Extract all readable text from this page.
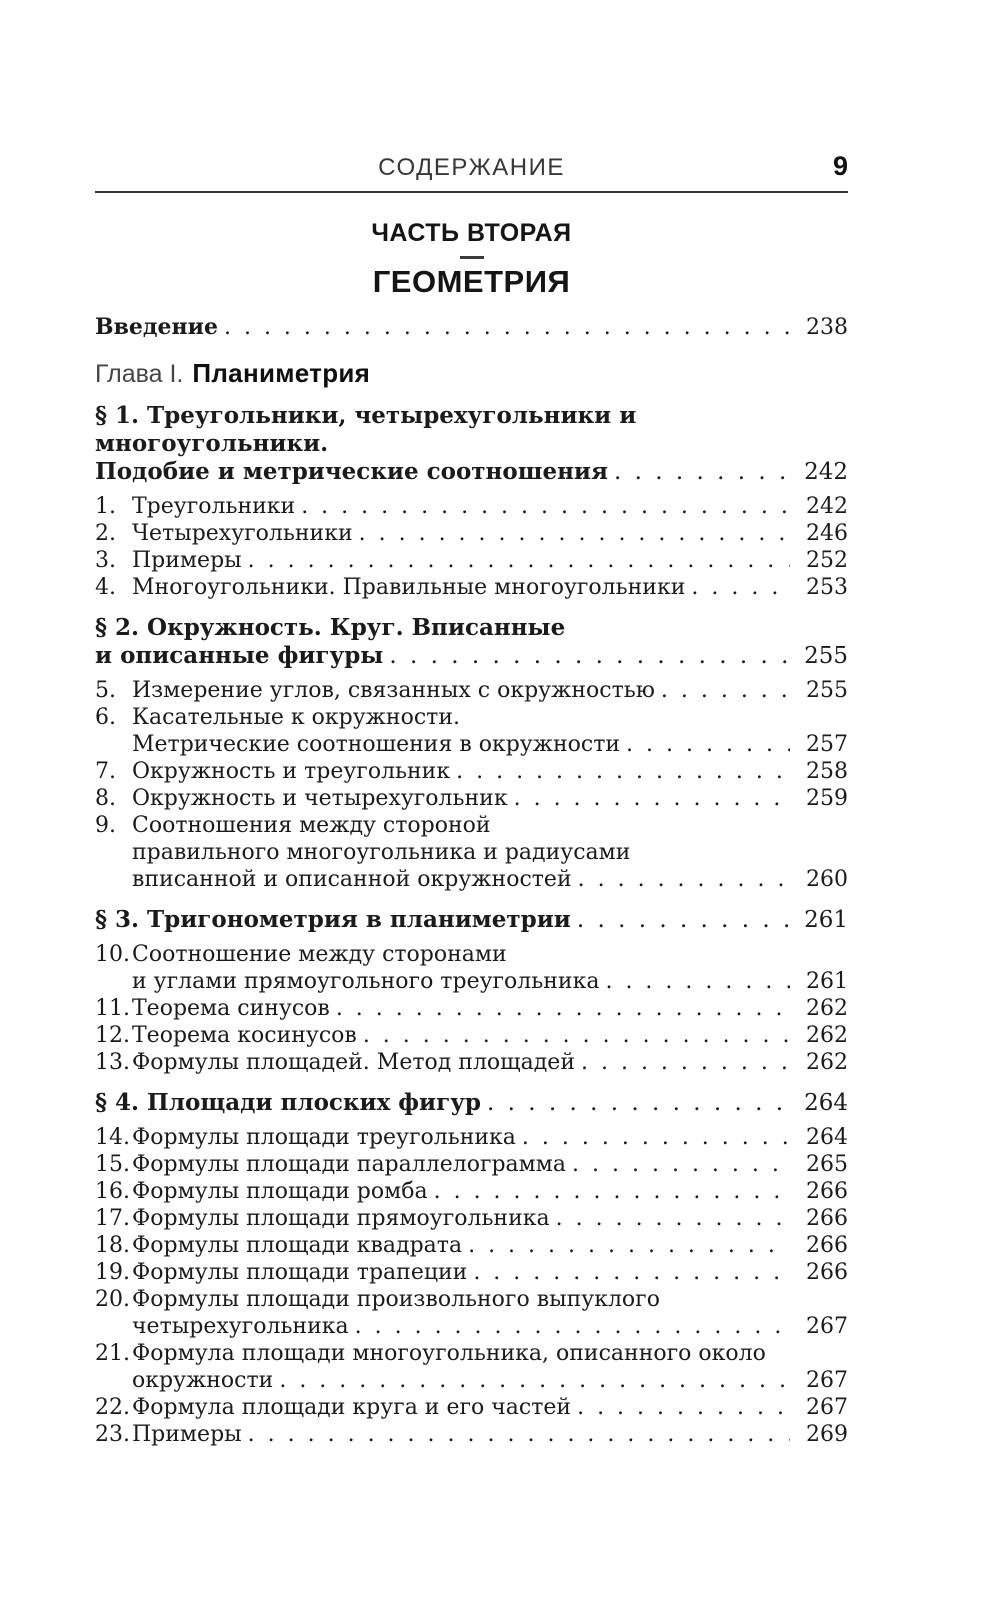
СОДЕРЖАНИЕ	9
ЧАСТЬ ВТОРАЯ
ГЕОМЕТРИЯ
Введение . . .	238
Глава I. Планиметрия
§ 1. Треугольники, четырехугольники и
многоугольники.
Подобие и метрические соотношения . . .	242
1. Треугольники . . .	242
2. Четырехугольники . . .	246
3. Примеры . . .	252
4. Многоугольники. Правильные многоугольники . . .	253
§ 2. Окружность. Круг. Вписанные
и описанные фигуры . . .	255
5. Измерение углов, связанных с окружностью . . .	255
6. Касательные к окружности.
Метрические соотношения в окружности . . .	257
7. Окружность и треугольник . . .	258
8. Окружность и четырехугольник . . .	259
9. Соотношения между стороной
правильного многоугольника и радиусами
вписанной и описанной окружностей . . .	260
§ 3. Тригонометрия в планиметрии . . .	261
10. Соотношение между сторонами
и углами прямоугольного треугольника . . .	261
11. Теорема синусов . . .	262
12. Теорема косинусов . . .	262
13. Формулы площадей. Метод площадей . . .	262
§ 4. Площади плоских фигур . . .	264
14. Формулы площади треугольника . . .	264
15. Формулы площади параллелограмма . . .	265
16. Формулы площади ромба . . .	266
17. Формулы площади прямоугольника . . .	266
18. Формулы площади квадрата . . .	266
19. Формулы площади трапеции . . .	266
20. Формулы площади произвольного выпуклого
четырехугольника . . .	267
21. Формула площади многоугольника, описанного около
окружности . . .	267
22. Формула площади круга и его частей . . .	267
23. Примеры . . .	269
